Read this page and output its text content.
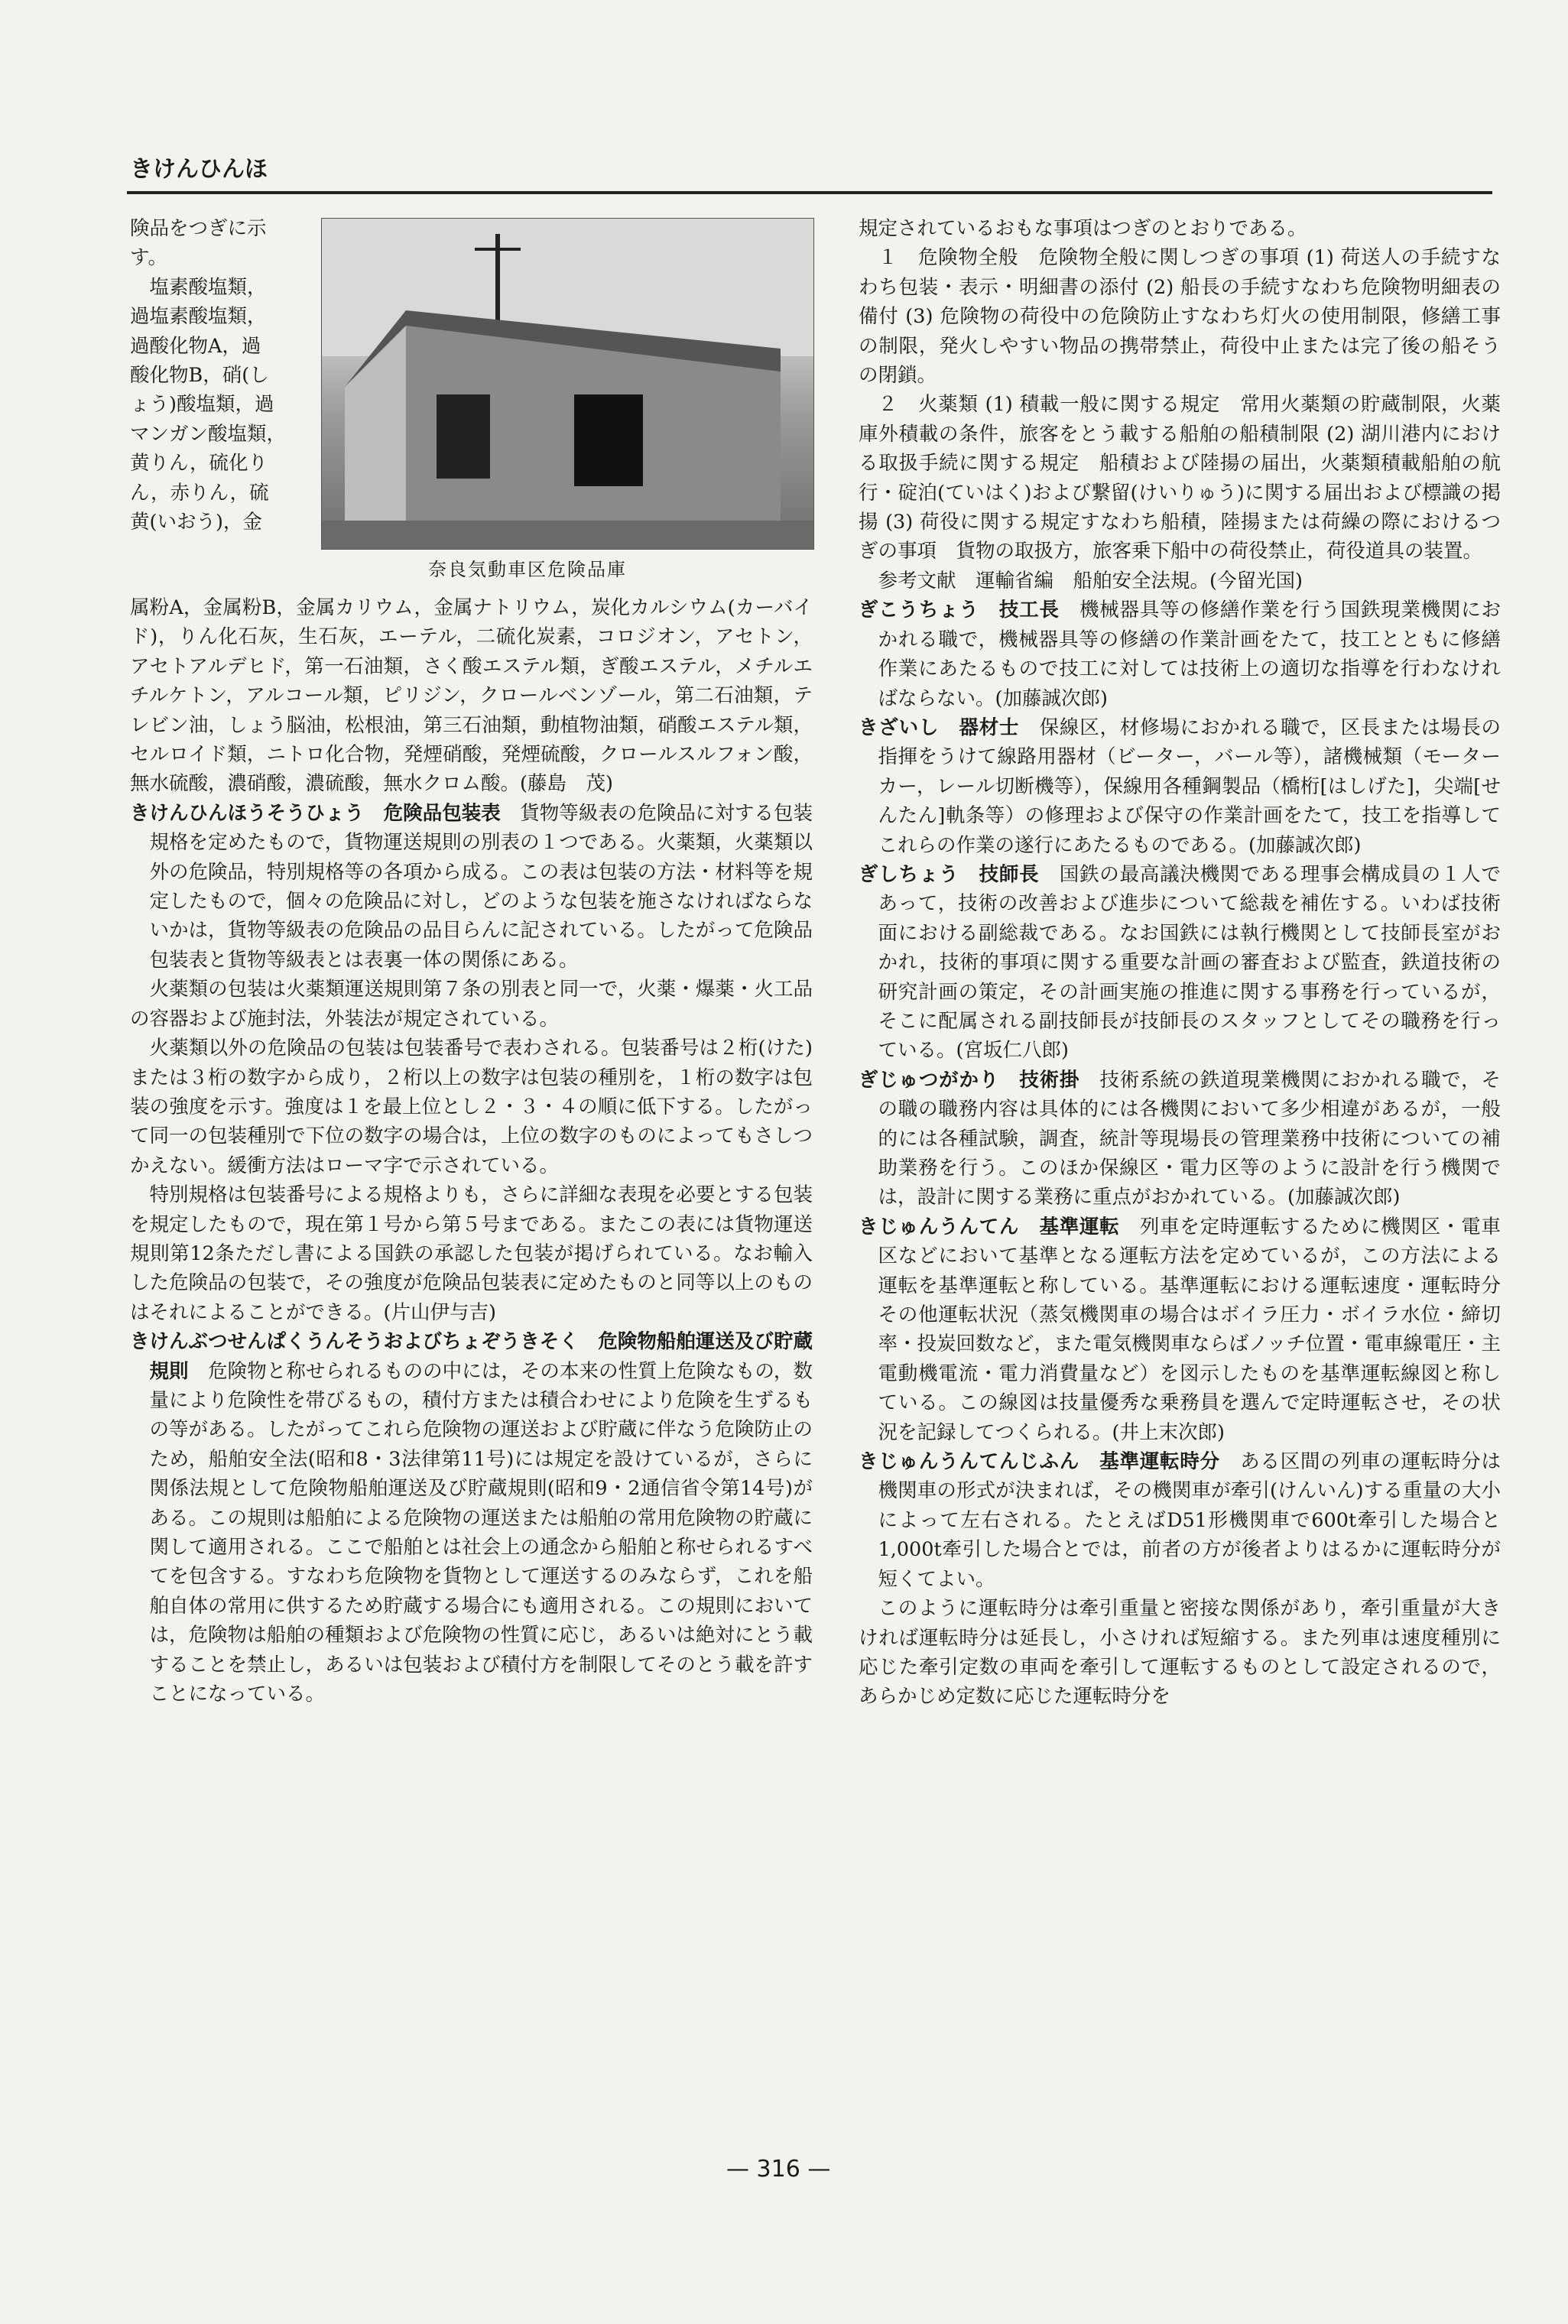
きけんひんほ
奈良気動車区危険品庫
険品をつぎに示
す。
　塩素酸塩類，
過塩素酸塩類，
過酸化物A，過
酸化物B，硝(し
ょう)酸塩類，過
マンガン酸塩類，
黄りん，硫化り
ん，赤りん，硫
黄(いおう)，金

属粉A，金属粉B，金属カリウム，金属ナトリウム，炭化カルシウム(カーバイド)，りん化石灰，生石灰，エーテル，二硫化炭素，コロジオン，アセトン，アセトアルデヒド，第一石油類，さく酸エステル類，ぎ酸エステル，メチルエチルケトン，アルコール類，ピリジン，クロールベンゾール，第二石油類，テレビン油，しょう脳油，松根油，第三石油類，動植物油類，硝酸エステル類，セルロイド類，ニトロ化合物，発煙硝酸，発煙硫酸，クロールスルフォン酸，無水硫酸，濃硝酸，濃硫酸，無水クロム酸。(藤島　茂)

きけんひんほうそうひょう　危険品包装表　 貨物等級表の危険品に対する包装規格を定めたもので，貨物運送規則の別表の１つである。火薬類，火薬類以外の危険品，特別規格等の各項から成る。この表は包装の方法・材料等を規定したもので，個々の危険品に対し，どのような包装を施さなければならないかは，貨物等級表の危険品の品目らんに記されている。したがって危険品包装表と貨物等級表とは表裏一体の関係にある。

火薬類の包装は火薬類運送規則第７条の別表と同一で，火薬・爆薬・火工品の容器および施封法，外装法が規定されている。

火薬類以外の危険品の包装は包装番号で表わされる。包装番号は２桁(けた)または３桁の数字から成り，２桁以上の数字は包装の種別を，１桁の数字は包装の強度を示す。強度は１を最上位とし２・３・４の順に低下する。したがって同一の包装種別で下位の数字の場合は，上位の数字のものによってもさしつかえない。緩衝方法はローマ字で示されている。

特別規格は包装番号による規格よりも，さらに詳細な表現を必要とする包装を規定したもので，現在第１号から第５号まである。またこの表には貨物運送規則第12条ただし書による国鉄の承認した包装が掲げられている。なお輸入した危険品の包装で，その強度が危険品包装表に定めたものと同等以上のものはそれによることができる。(片山伊与吉)

きけんぶつせんぱくうんそうおよびちょぞうきそく　危険物船舶運送及び貯蔵規則　 危険物と称せられるものの中には，その本来の性質上危険なもの，数量により危険性を帯びるもの，積付方または積合わせにより危険を生ずるもの等がある。したがってこれら危険物の運送および貯蔵に伴なう危険防止のため，船舶安全法(昭和8・3法律第11号)には規定を設けているが，さらに関係法規として危険物船舶運送及び貯蔵規則(昭和9・2通信省令第14号)がある。この規則は船舶による危険物の運送または船舶の常用危険物の貯蔵に関して適用される。ここで船舶とは社会上の通念から船舶と称せられるすべてを包含する。すなわち危険物を貨物として運送するのみならず，これを船舶自体の常用に供するため貯蔵する場合にも適用される。この規則においては，危険物は船舶の種類および危険物の性質に応じ，あるいは絶対にとう載することを禁止し，あるいは包装および積付方を制限してそのとう載を許すことになっている。

規定されているおもな事項はつぎのとおりである。

１　危険物全般　危険物全般に関しつぎの事項 (1) 荷送人の手続すなわち包装・表示・明細書の添付 (2) 船長の手続すなわち危険物明細表の備付 (3) 危険物の荷役中の危険防止すなわち灯火の使用制限，修繕工事の制限，発火しやすい物品の携帯禁止，荷役中止または完了後の船そうの閉鎖。

２　火薬類 (1) 積載一般に関する規定　常用火薬類の貯蔵制限，火薬庫外積載の条件，旅客をとう載する船舶の船積制限 (2) 湖川港内における取扱手続に関する規定　船積および陸揚の届出，火薬類積載船舶の航行・碇泊(ていはく)および繋留(けいりゅう)に関する届出および標識の掲揚 (3) 荷役に関する規定すなわち船積，陸揚または荷繰の際におけるつぎの事項　貨物の取扱方，旅客乗下船中の荷役禁止，荷役道具の装置。

参考文献　運輸省編　船舶安全法規。(今留光国)

ぎこうちょう　技工長　 機械器具等の修繕作業を行う国鉄現業機関におかれる職で，機械器具等の修繕の作業計画をたて，技工とともに修繕作業にあたるもので技工に対しては技術上の適切な指導を行わなければならない。(加藤誠次郎)

きざいし　器材士　 保線区，材修場におかれる職で，区長または場長の指揮をうけて線路用器材（ビーター，バール等），諸機械類（モーターカー，レール切断機等），保線用各種鋼製品（橋桁[はしげた]，尖端[せんたん]軌条等）の修理および保守の作業計画をたて，技工を指導してこれらの作業の遂行にあたるものである。(加藤誠次郎)

ぎしちょう　技師長　 国鉄の最高議決機関である理事会構成員の１人であって，技術の改善および進歩について総裁を補佐する。いわば技術面における副総裁である。なお国鉄には執行機関として技師長室がおかれ，技術的事項に関する重要な計画の審査および監査，鉄道技術の研究計画の策定，その計画実施の推進に関する事務を行っているが，そこに配属される副技師長が技師長のスタッフとしてその職務を行っている。(宮坂仁八郎)

ぎじゅつがかり　技術掛　 技術系統の鉄道現業機関におかれる職で，その職の職務内容は具体的には各機関において多少相違があるが，一般的には各種試験，調査，統計等現場長の管理業務中技術についての補助業務を行う。このほか保線区・電力区等のように設計を行う機関では，設計に関する業務に重点がおかれている。(加藤誠次郎)

きじゅんうんてん　基準運転　 列車を定時運転するために機関区・電車区などにおいて基準となる運転方法を定めているが，この方法による運転を基準運転と称している。基準運転における運転速度・運転時分その他運転状況（蒸気機関車の場合はボイラ圧力・ボイラ水位・締切率・投炭回数など，また電気機関車ならばノッチ位置・電車線電圧・主電動機電流・電力消費量など）を図示したものを基準運転線図と称している。この線図は技量優秀な乗務員を選んで定時運転させ，その状況を記録してつくられる。(井上末次郎)

きじゅんうんてんじふん　基準運転時分　 ある区間の列車の運転時分は機関車の形式が決まれば，その機関車が牽引(けんいん)する重量の大小によって左右される。たとえばD51形機関車で600t牽引した場合と1,000t牽引した場合とでは，前者の方が後者よりはるかに運転時分が短くてよい。

このように運転時分は牽引重量と密接な関係があり，牽引重量が大きければ運転時分は延長し，小さければ短縮する。また列車は速度種別に応じた牽引定数の車両を牽引して運転するものとして設定されるので，あらかじめ定数に応じた運転時分を

— 316 —
